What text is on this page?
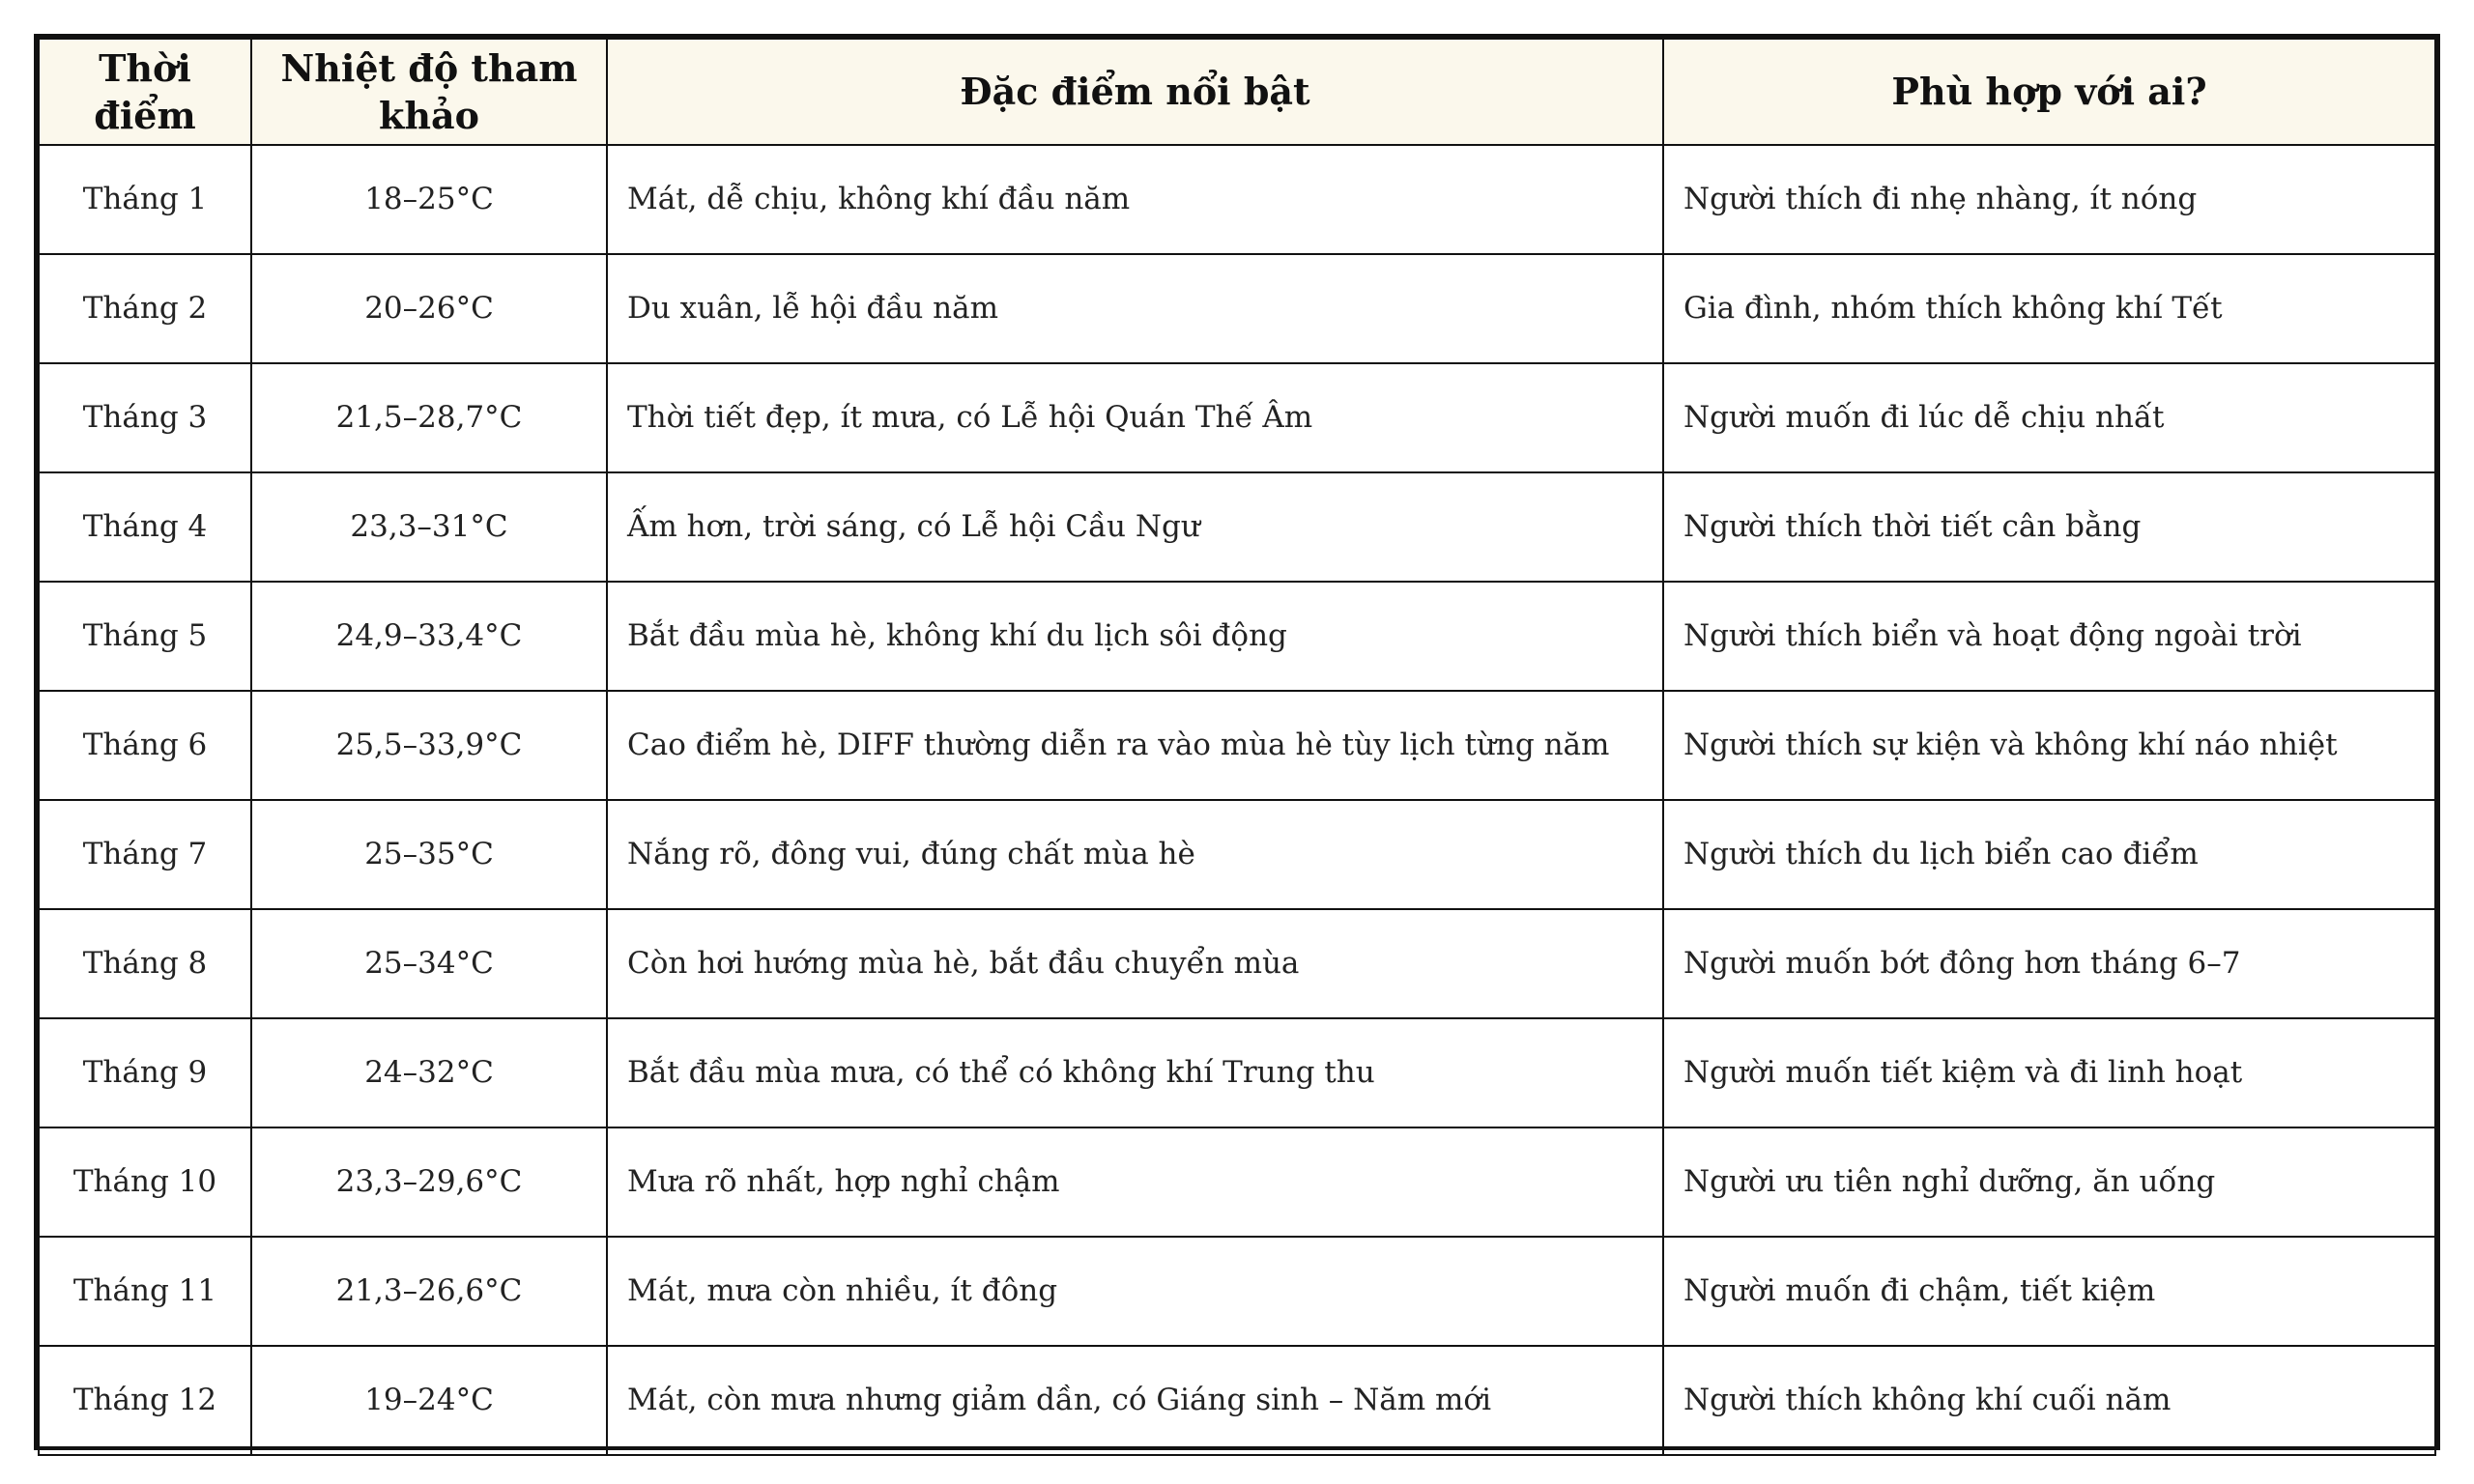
Thời điểm	Nhiệt độ tham khảo	Đặc điểm nổi bật	Phù hợp với ai?
Tháng 1	18–25°C	Mát, dễ chịu, không khí đầu năm	Người thích đi nhẹ nhàng, ít nóng
Tháng 2	20–26°C	Du xuân, lễ hội đầu năm	Gia đình, nhóm thích không khí Tết
Tháng 3	21,5–28,7°C	Thời tiết đẹp, ít mưa, có Lễ hội Quán Thế Âm	Người muốn đi lúc dễ chịu nhất
Tháng 4	23,3–31°C	Ấm hơn, trời sáng, có Lễ hội Cầu Ngư	Người thích thời tiết cân bằng
Tháng 5	24,9–33,4°C	Bắt đầu mùa hè, không khí du lịch sôi động	Người thích biển và hoạt động ngoài trời
Tháng 6	25,5–33,9°C	Cao điểm hè, DIFF thường diễn ra vào mùa hè tùy lịch từng năm	Người thích sự kiện và không khí náo nhiệt
Tháng 7	25–35°C	Nắng rõ, đông vui, đúng chất mùa hè	Người thích du lịch biển cao điểm
Tháng 8	25–34°C	Còn hơi hướng mùa hè, bắt đầu chuyển mùa	Người muốn bớt đông hơn tháng 6–7
Tháng 9	24–32°C	Bắt đầu mùa mưa, có thể có không khí Trung thu	Người muốn tiết kiệm và đi linh hoạt
Tháng 10	23,3–29,6°C	Mưa rõ nhất, hợp nghỉ chậm	Người ưu tiên nghỉ dưỡng, ăn uống
Tháng 11	21,3–26,6°C	Mát, mưa còn nhiều, ít đông	Người muốn đi chậm, tiết kiệm
Tháng 12	19–24°C	Mát, còn mưa nhưng giảm dần, có Giáng sinh – Năm mới	Người thích không khí cuối năm
